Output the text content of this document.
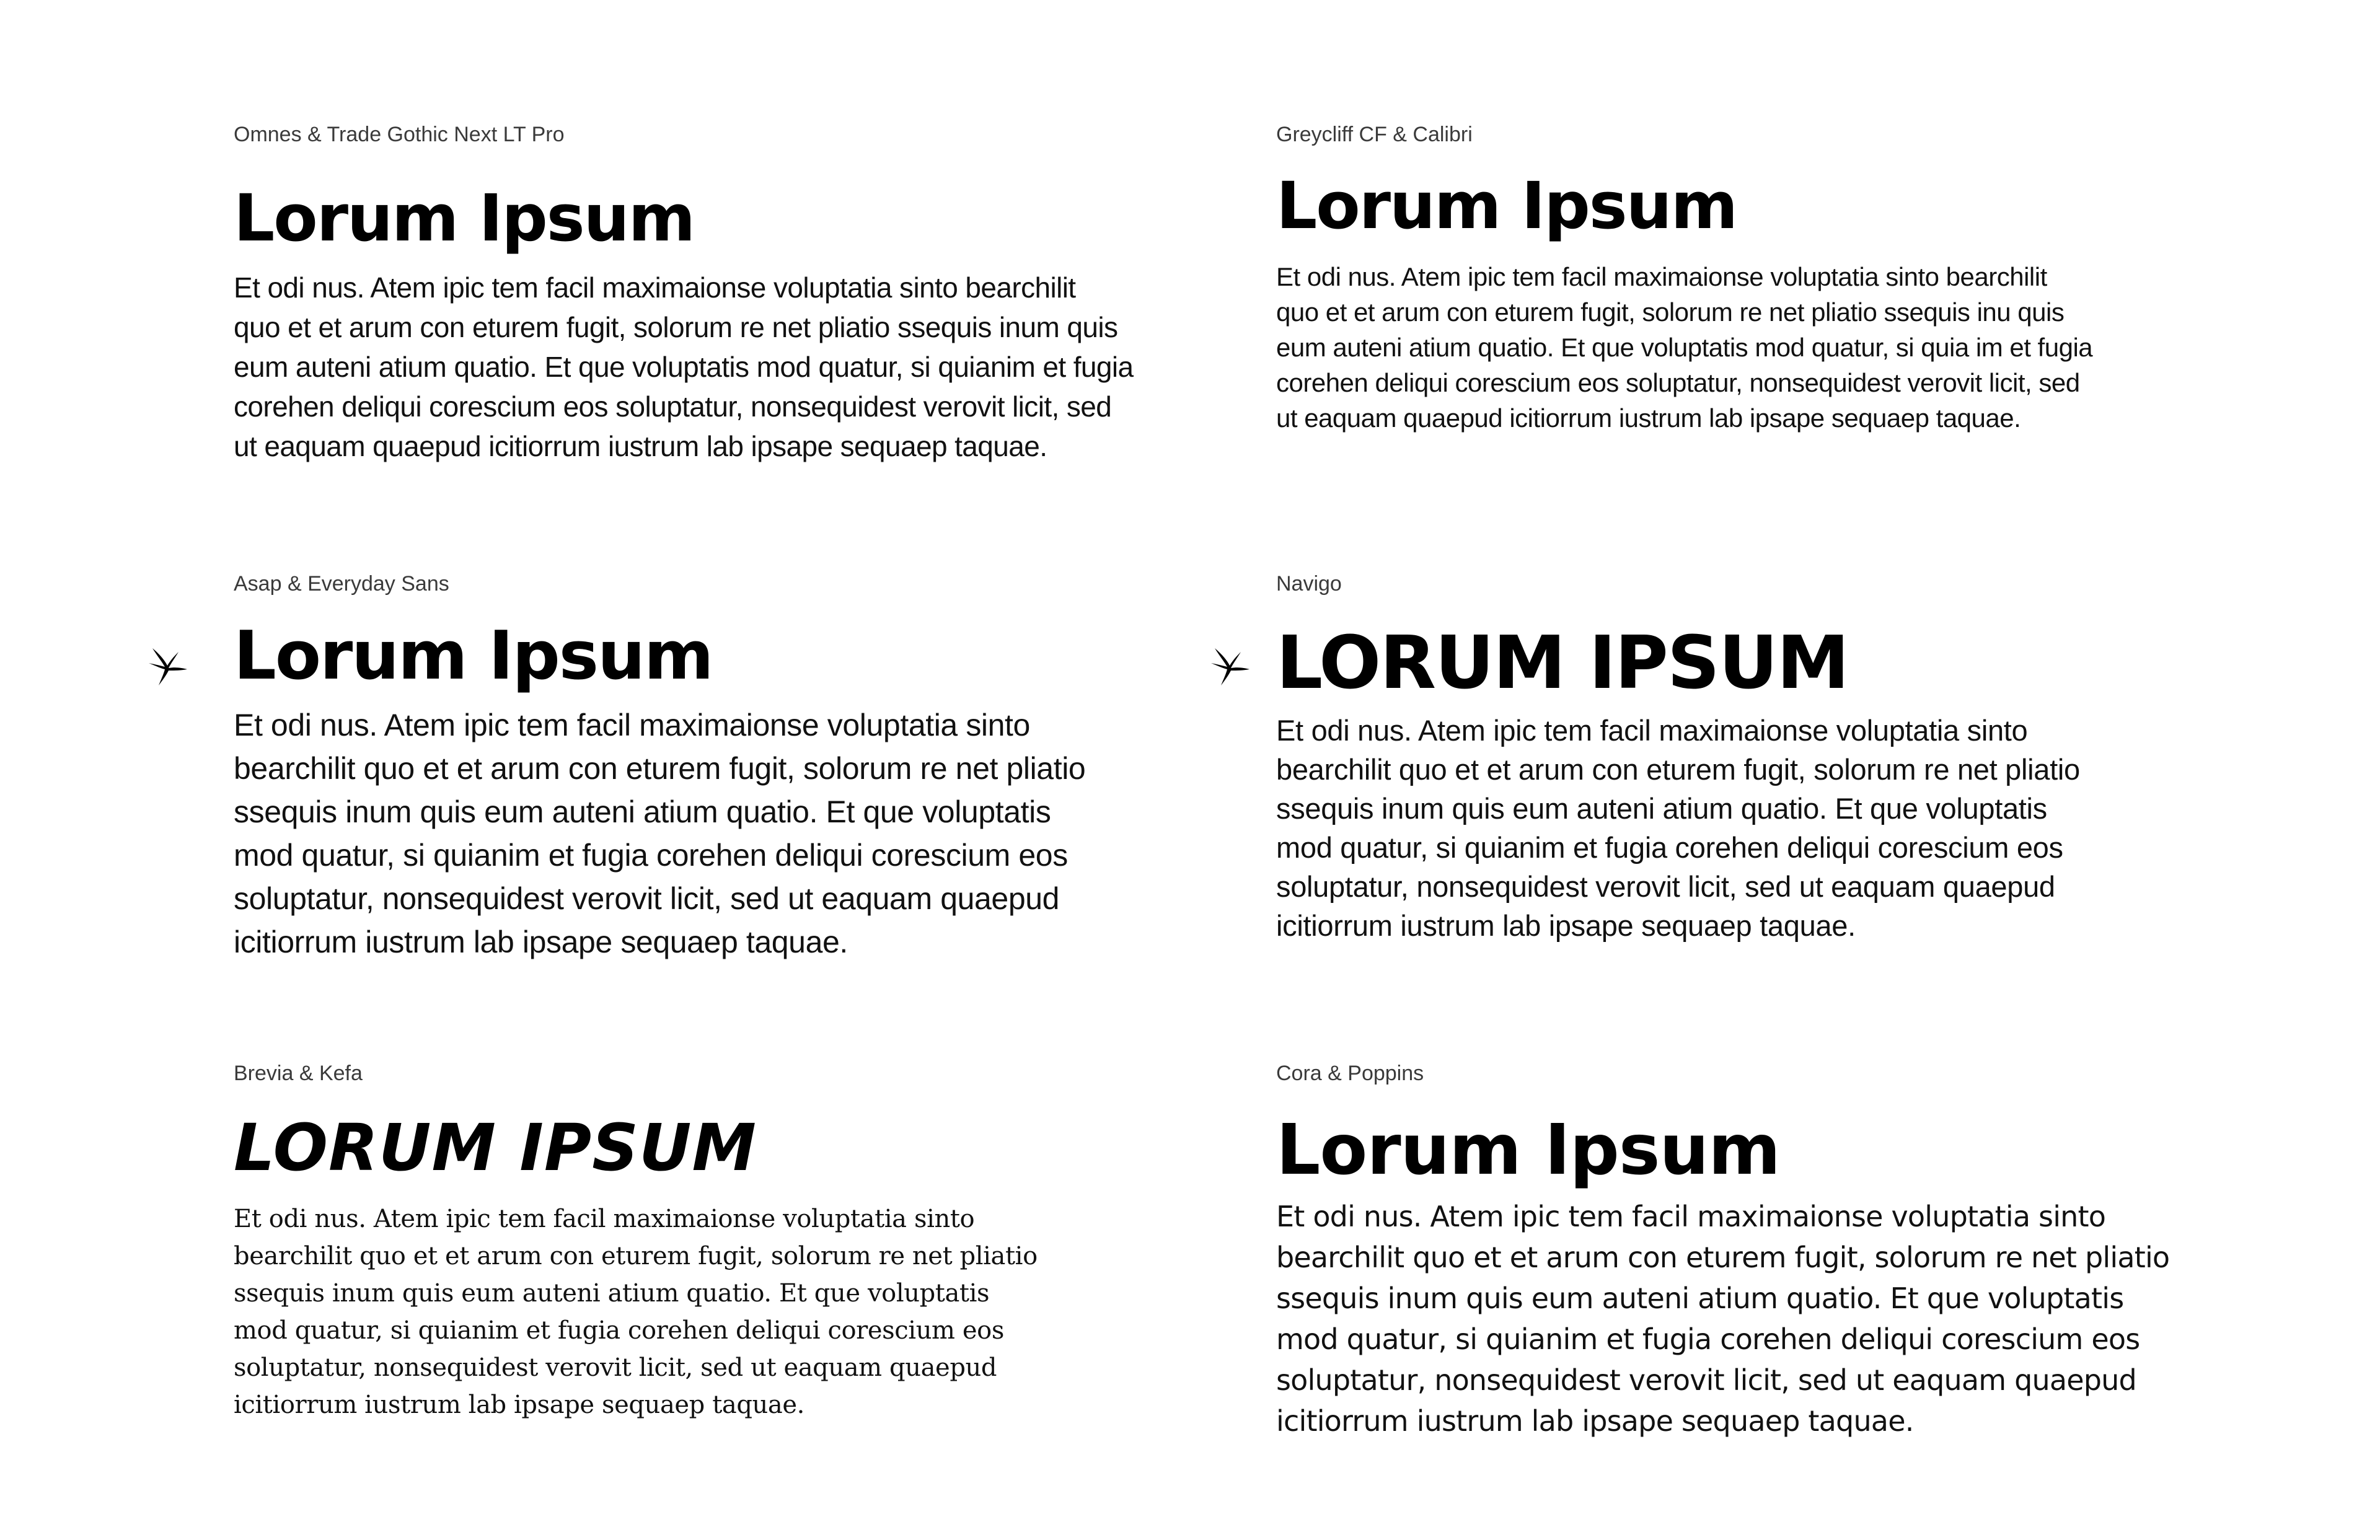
Omnes & Trade Gothic Next LT Pro
Lorum Ipsum

Et odi nus. Atem ipic tem facil maximaionse voluptatia sinto bearchilit
quo et et arum con eturem fugit, solorum re net pliatio ssequis inum quis
eum auteni atium quatio. Et que voluptatis mod quatur, si quianim et fugia
corehen deliqui corescium eos soluptatur, nonsequidest verovit licit, sed
ut eaquam quaepud icitiorrum iustrum lab ipsape sequaep taquae.

Greycliff CF & Calibri
Lorum Ipsum

Et odi nus. Atem ipic tem facil maximaionse voluptatia sinto bearchilit
quo et et arum con eturem fugit, solorum re net pliatio ssequis inu quis
eum auteni atium quatio. Et que voluptatis mod quatur, si quia im et fugia
corehen deliqui corescium eos soluptatur, nonsequidest verovit licit, sed
ut eaquam quaepud icitiorrum iustrum lab ipsape sequaep taquae.

Asap & Everyday Sans
Lorum Ipsum

Et odi nus. Atem ipic tem facil maximaionse voluptatia sinto
bearchilit quo et et arum con eturem fugit, solorum re net pliatio
ssequis inum quis eum auteni atium quatio. Et que voluptatis
mod quatur, si quianim et fugia corehen deliqui corescium eos
soluptatur, nonsequidest verovit licit, sed ut eaquam quaepud
icitiorrum iustrum lab ipsape sequaep taquae.

Navigo
LORUM IPSUM

Et odi nus. Atem ipic tem facil maximaionse voluptatia sinto
bearchilit quo et et arum con eturem fugit, solorum re net pliatio
ssequis inum quis eum auteni atium quatio. Et que voluptatis
mod quatur, si quianim et fugia corehen deliqui corescium eos
soluptatur, nonsequidest verovit licit, sed ut eaquam quaepud
icitiorrum iustrum lab ipsape sequaep taquae.

Brevia & Kefa
LORUM IPSUM

Et odi nus. Atem ipic tem facil maximaionse voluptatia sinto
bearchilit quo et et arum con eturem fugit, solorum re net pliatio
ssequis inum quis eum auteni atium quatio. Et que voluptatis
mod quatur, si quianim et fugia corehen deliqui corescium eos
soluptatur, nonsequidest verovit licit, sed ut eaquam quaepud
icitiorrum iustrum lab ipsape sequaep taquae.

Cora & Poppins
Lorum Ipsum

Et odi nus. Atem ipic tem facil maximaionse voluptatia sinto
bearchilit quo et et arum con eturem fugit, solorum re net pliatio
ssequis inum quis eum auteni atium quatio. Et que voluptatis
mod quatur, si quianim et fugia corehen deliqui corescium eos
soluptatur, nonsequidest verovit licit, sed ut eaquam quaepud
icitiorrum iustrum lab ipsape sequaep taquae.
